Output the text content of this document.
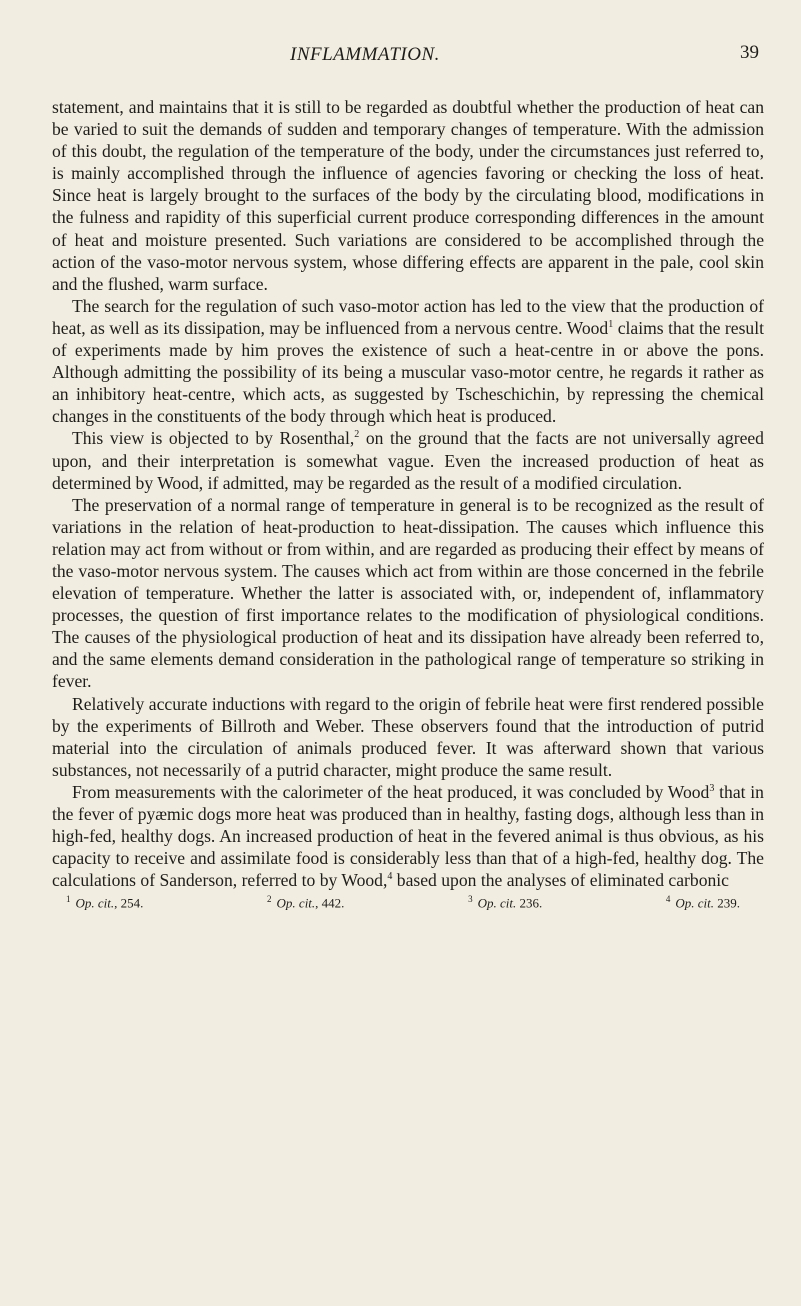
INFLAMMATION.	39

statement, and maintains that it is still to be regarded as doubtful whether the production of heat can be varied to suit the demands of sudden and temporary changes of temperature. With the admission of this doubt, the regulation of the temperature of the body, under the circumstances just referred to, is mainly accomplished through the influence of agencies favoring or checking the loss of heat. Since heat is largely brought to the surfaces of the body by the circulating blood, modifications in the fulness and rapidity of this superficial current produce corresponding differences in the amount of heat and moisture presented. Such variations are considered to be accomplished through the action of the vaso-motor nervous system, whose differing effects are apparent in the pale, cool skin and the flushed, warm surface.

The search for the regulation of such vaso-motor action has led to the view that the production of heat, as well as its dissipation, may be influenced from a nervous centre. Wood$^1$ claims that the result of experiments made by him proves the existence of such a heat-centre in or above the pons. Although admitting the possibility of its being a muscular vaso-motor centre, he regards it rather as an inhibitory heat-centre, which acts, as suggested by Tscheschichin, by repressing the chemical changes in the constituents of the body through which heat is produced.

This view is objected to by Rosenthal,$^2$ on the ground that the facts are not universally agreed upon, and their interpretation is somewhat vague. Even the increased production of heat as determined by Wood, if admitted, may be regarded as the result of a modified circulation.

The preservation of a normal range of temperature in general is to be recognized as the result of variations in the relation of heat-production to heat-dissipation. The causes which influence this relation may act from without or from within, and are regarded as producing their effect by means of the vaso-motor nervous system. The causes which act from within are those concerned in the febrile elevation of temperature. Whether the latter is associated with, or, independent of, inflammatory processes, the question of first importance relates to the modification of physiological conditions. The causes of the physiological production of heat and its dissipation have already been referred to, and the same elements demand consideration in the pathological range of temperature so striking in fever.

Relatively accurate inductions with regard to the origin of febrile heat were first rendered possible by the experiments of Billroth and Weber. These observers found that the introduction of putrid material into the circulation of animals produced fever. It was afterward shown that various substances, not necessarily of a putrid character, might produce the same result.

From measurements with the calorimeter of the heat produced, it was concluded by Wood$^3$ that in the fever of pyæmic dogs more heat was produced than in healthy, fasting dogs, although less than in high-fed, healthy dogs. An increased production of heat in the fevered animal is thus obvious, as his capacity to receive and assimilate food is considerably less than that of a high-fed, healthy dog. The calculations of Sanderson, referred to by Wood,$^4$ based upon the analyses of eliminated carbonic

$^1$ Op. cit., 254.	$^2$ Op. cit., 442.	$^3$ Op. cit. 236.	$^4$ Op. cit. 239.
